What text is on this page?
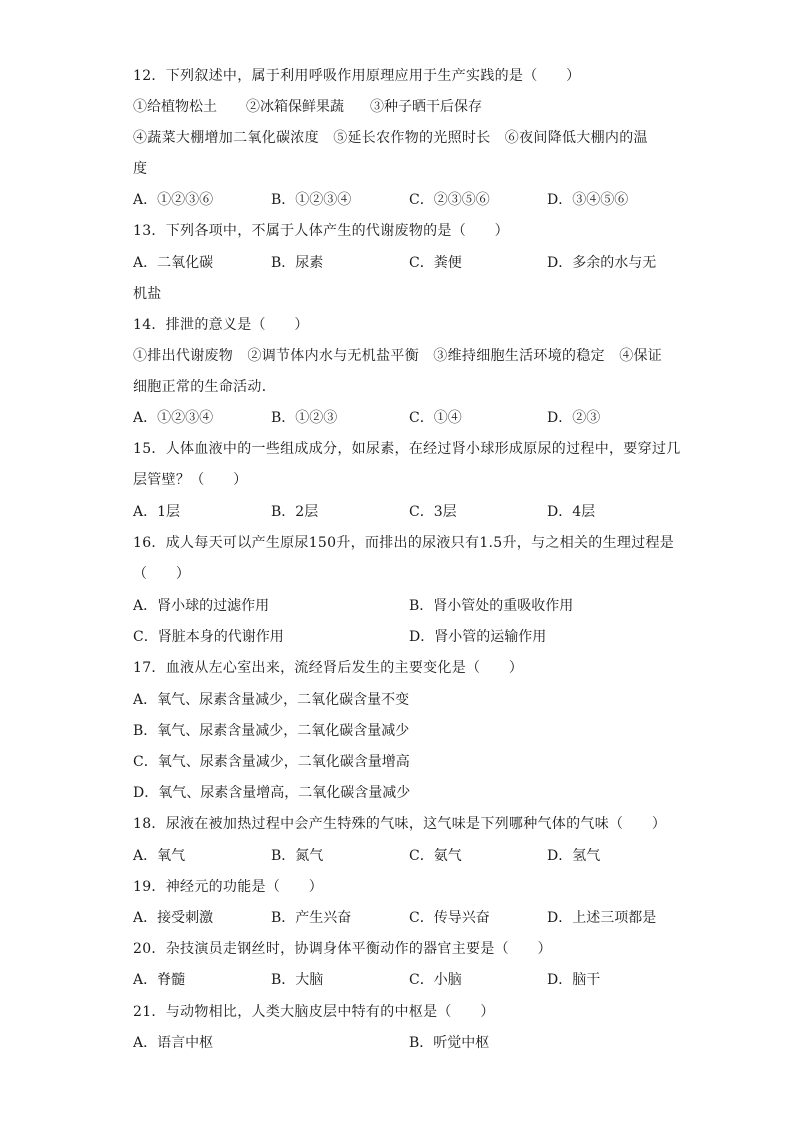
12．下列叙述中，属于利用呼吸作用原理应用于生产实践的是（　　）
①给植物松土 ②冰箱保鲜果蔬 ③种子晒干后保存
④蔬菜大棚增加二氧化碳浓度　⑤延长农作物的光照时长　⑥夜间降低大棚内的温
度
A．①②③⑥	B．①②③④	C．②③⑤⑥	D．③④⑤⑥
13．下列各项中，不属于人体产生的代谢废物的是（　　）
A．二氧化碳	B．尿素	C．粪便	D．多余的水与无
机盐
14．排泄的意义是（　　）
①排出代谢废物　②调节体内水与无机盐平衡　③维持细胞生活环境的稳定　④保证
细胞正常的生命活动．
A．①②③④	B．①②③	C．①④	D．②③
15．人体血液中的一些组成成分，如尿素，在经过肾小球形成原尿的过程中，要穿过几
层管壁？（　　）
A．1层	B．2层	C．3层	D．4层
16．成人每天可以产生原尿150升，而排出的尿液只有1.5升，与之相关的生理过程是
（　　）
A．肾小球的过滤作用	B．肾小管处的重吸收作用
C．肾脏本身的代谢作用	D．肾小管的运输作用
17．血液从左心室出来，流经肾后发生的主要变化是（　　）
A．氧气、尿素含量减少，二氧化碳含量不变
B．氧气、尿素含量减少，二氧化碳含量减少
C．氧气、尿素含量减少，二氧化碳含量增高
D．氧气、尿素含量增高，二氧化碳含量减少
18．尿液在被加热过程中会产生特殊的气味，这气味是下列哪种气体的气味（　　）
A．氧气	B．氮气	C．氨气	D．氢气
19．神经元的功能是（　　）
A．接受刺激	B．产生兴奋	C．传导兴奋	D．上述三项都是
20．杂技演员走钢丝时，协调身体平衡动作的器官主要是（　　）
A．脊髓	B．大脑	C．小脑	D．脑干
21．与动物相比，人类大脑皮层中特有的中枢是（　　）
A．语言中枢	B．听觉中枢
